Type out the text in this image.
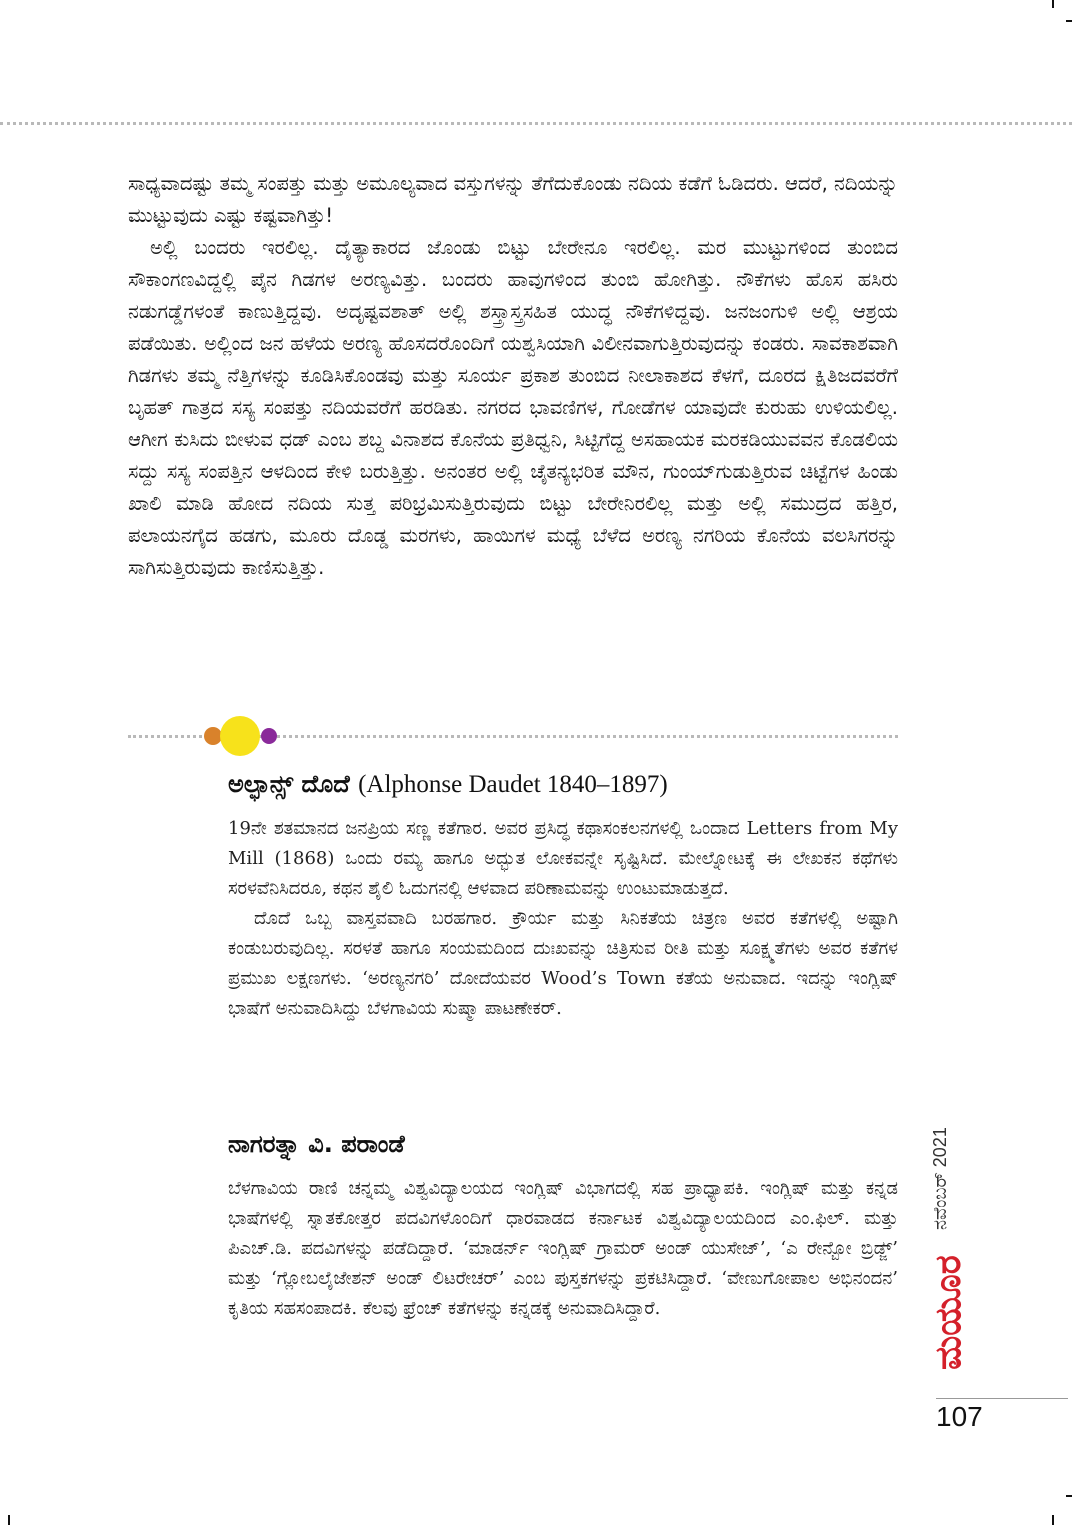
ಸಾಧ್ಯವಾದಷ್ಟು ತಮ್ಮ ಸಂಪತ್ತು ಮತ್ತು ಅಮೂಲ್ಯವಾದ ವಸ್ತುಗಳನ್ನು ತೆಗೆದುಕೊಂಡು ನದಿಯ ಕಡೆಗೆ ಓಡಿದರು. ಆದರೆ, ನದಿಯನ್ನು ಮುಟ್ಟುವುದು ಎಷ್ಟು ಕಷ್ಟವಾಗಿತ್ತು!

ಅಲ್ಲಿ ಬಂದರು ಇರಲಿಲ್ಲ. ದೈತ್ಯಾಕಾರದ ಜೊಂಡು ಬಿಟ್ಟು ಬೇರೇನೂ ಇರಲಿಲ್ಲ. ಮರ ಮುಟ್ಟುಗಳಿಂದ ತುಂಬಿದ ಸೌಕಾಂಗಣವಿದ್ದಲ್ಲಿ ಪೈನ ಗಿಡಗಳ ಅರಣ್ಯವಿತ್ತು. ಬಂದರು ಹಾವುಗಳಿಂದ ತುಂಬಿ ಹೋಗಿತ್ತು. ನೌಕೆಗಳು ಹೊಸ ಹಸಿರು ನಡುಗಡ್ಡೆಗಳಂತೆ ಕಾಣುತ್ತಿದ್ದವು. ಅದೃಷ್ಟವಶಾತ್ ಅಲ್ಲಿ ಶಸ್ತ್ರಾಸ್ತ್ರಸಹಿತ ಯುದ್ಧ ನೌಕೆಗಳಿದ್ದವು. ಜನಜಂಗುಳಿ ಅಲ್ಲಿ ಆಶ್ರಯ ಪಡೆಯಿತು. ಅಲ್ಲಿಂದ ಜನ ಹಳೆಯ ಅರಣ್ಯ ಹೊಸದರೊಂದಿಗೆ ಯಶ್ವಸಿಯಾಗಿ ವಿಲೀನವಾಗುತ್ತಿರುವುದನ್ನು ಕಂಡರು. ಸಾವಕಾಶವಾಗಿ ಗಿಡಗಳು ತಮ್ಮ ನೆತ್ತಿಗಳನ್ನು ಕೂಡಿಸಿಕೊಂಡವು ಮತ್ತು ಸೂರ್ಯ ಪ್ರಕಾಶ ತುಂಬಿದ ನೀಲಾಕಾಶದ ಕೆಳಗೆ, ದೂರದ ಕ್ಷಿತಿಜದವರೆಗೆ ಬೃಹತ್ ಗಾತ್ರದ ಸಸ್ಯ ಸಂಪತ್ತು ನದಿಯವರೆಗೆ ಹರಡಿತು. ನಗರದ ಭಾವಣಿಗಳ, ಗೋಡೆಗಳ ಯಾವುದೇ ಕುರುಹು ಉಳಿಯಲಿಲ್ಲ. ಆಗೀಗ ಕುಸಿದು ಬೀಳುವ ಧಡ್ ಎಂಬ ಶಬ್ದ ವಿನಾಶದ ಕೊನೆಯ ಪ್ರತಿಧ್ವನಿ, ಸಿಟ್ಟಿಗೆದ್ದ ಅಸಹಾಯಕ ಮರಕಡಿಯುವವನ ಕೊಡಲಿಯ ಸದ್ದು ಸಸ್ಯ ಸಂಪತ್ತಿನ ಆಳದಿಂದ ಕೇಳಿ ಬರುತ್ತಿತ್ತು. ಅನಂತರ ಅಲ್ಲಿ ಚೈತನ್ಯಭರಿತ ಮೌನ, ಗುಂಯ್‌ಗುಡುತ್ತಿರುವ ಚಿಟ್ಟೆಗಳ ಹಿಂಡು ಖಾಲಿ ಮಾಡಿ ಹೋದ ನದಿಯ ಸುತ್ತ ಪರಿಭ್ರಮಿಸುತ್ತಿರುವುದು ಬಿಟ್ಟು ಬೇರೇನಿರಲಿಲ್ಲ ಮತ್ತು ಅಲ್ಲಿ ಸಮುದ್ರದ ಹತ್ತಿರ, ಪಲಾಯನಗೈದ ಹಡಗು, ಮೂರು ದೊಡ್ಡ ಮರಗಳು, ಹಾಯಿಗಳ ಮಧ್ಯೆ ಬೆಳೆದ ಅರಣ್ಯ ನಗರಿಯ ಕೊನೆಯ ವಲಸಿಗರನ್ನು ಸಾಗಿಸುತ್ತಿರುವುದು ಕಾಣಿಸುತ್ತಿತ್ತು.

ಅಲ್ಫಾನ್ಸ್ ದೊದೆ (Alphonse Daudet 1840–1897)

19ನೇ ಶತಮಾನದ ಜನಪ್ರಿಯ ಸಣ್ಣ ಕತೆಗಾರ. ಅವರ ಪ್ರಸಿದ್ಧ ಕಥಾಸಂಕಲನಗಳಲ್ಲಿ ಒಂದಾದ Letters from My Mill (1868) ಒಂದು ರಮ್ಯ ಹಾಗೂ ಅದ್ಭುತ ಲೋಕವನ್ನೇ ಸೃಷ್ಟಿಸಿದೆ. ಮೇಲ್ನೋಟಕ್ಕೆ ಈ ಲೇಖಕನ ಕಥೆಗಳು ಸರಳವೆನಿಸಿದರೂ, ಕಥನ ಶೈಲಿ ಓದುಗನಲ್ಲಿ ಆಳವಾದ ಪರಿಣಾಮವನ್ನು ಉಂಟುಮಾಡುತ್ತದೆ.

ದೊದೆ ಒಬ್ಬ ವಾಸ್ತವವಾದಿ ಬರಹಗಾರ. ಕ್ರೌರ್ಯ ಮತ್ತು ಸಿನಿಕತೆಯ ಚಿತ್ರಣ ಅವರ ಕತೆಗಳಲ್ಲಿ ಅಷ್ಟಾಗಿ ಕಂಡುಬರುವುದಿಲ್ಲ. ಸರಳತೆ ಹಾಗೂ ಸಂಯಮದಿಂದ ದುಃಖವನ್ನು ಚಿತ್ರಿಸುವ ರೀತಿ ಮತ್ತು ಸೂಕ್ಷ್ಮತೆಗಳು ಅವರ ಕತೆಗಳ ಪ್ರಮುಖ ಲಕ್ಷಣಗಳು. ‘ಅರಣ್ಯನಗರಿ’ ದೋದೆಯವರ Wood’s Town ಕತೆಯ ಅನುವಾದ. ಇದನ್ನು ಇಂಗ್ಲಿಷ್ ಭಾಷೆಗೆ ಅನುವಾದಿಸಿದ್ದು ಬೆಳಗಾವಿಯ ಸುಷ್ಮಾ ಪಾಟಣೇಕರ್.

ನಾಗರತ್ನಾ ವಿ. ಪರಾಂಡೆ

ಬೆಳಗಾವಿಯ ರಾಣಿ ಚನ್ನಮ್ಮ ವಿಶ್ವವಿದ್ಯಾಲಯದ ಇಂಗ್ಲಿಷ್ ವಿಭಾಗದಲ್ಲಿ ಸಹ ಪ್ರಾಧ್ಯಾಪಕಿ. ಇಂಗ್ಲಿಷ್ ಮತ್ತು ಕನ್ನಡ ಭಾಷೆಗಳಲ್ಲಿ ಸ್ನಾತಕೋತ್ತರ ಪದವಿಗಳೊಂದಿಗೆ ಧಾರವಾಡದ ಕರ್ನಾಟಕ ವಿಶ್ವವಿದ್ಯಾಲಯದಿಂದ ಎಂ.ಫಿಲ್. ಮತ್ತು ಪಿಎಚ್.ಡಿ. ಪದವಿಗಳನ್ನು ಪಡೆದಿದ್ದಾರೆ. ‘ಮಾಡರ್ನ್ ಇಂಗ್ಲಿಷ್ ಗ್ರಾಮರ್ ಅಂಡ್ ಯುಸೇಜ್’, ‘ಎ ರೇನ್ಬೋ ಬ್ರಿಡ್ಜ್’ ಮತ್ತು ‘ಗ್ಲೋಬಲೈಜೇಶನ್ ಅಂಡ್ ಲಿಟರೇಚರ್’ ಎಂಬ ಪುಸ್ತಕಗಳನ್ನು ಪ್ರಕಟಿಸಿದ್ದಾರೆ. ‘ವೇಣುಗೋಪಾಲ ಅಭಿನಂದನ’ ಕೃತಿಯ ಸಹಸಂಪಾದಕಿ. ಕೆಲವು ಫ್ರೆಂಚ್ ಕತೆಗಳನ್ನು ಕನ್ನಡಕ್ಕೆ ಅನುವಾದಿಸಿದ್ದಾರೆ.

ನವೆಂಬರ್ 2021
ಮಯೂರ
107
